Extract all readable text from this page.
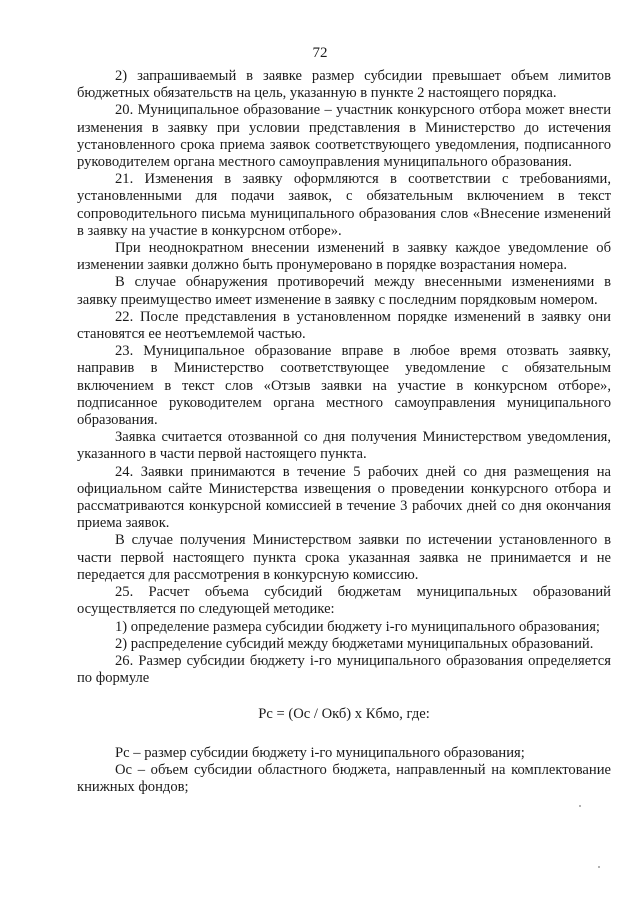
72

2) запрашиваемый в заявке размер субсидии превышает объем лимитов бюджетных обязательств на цель, указанную в пункте 2 настоящего порядка.

20. Муниципальное образование – участник конкурсного отбора может внести изменения в заявку при условии представления в Министерство до истечения установленного срока приема заявок соответствующего уведомления, подписанного руководителем органа местного самоуправления муниципального образования.

21. Изменения в заявку оформляются в соответствии с требованиями, установленными для подачи заявок, с обязательным включением в текст сопроводительного письма муниципального образования слов «Внесение изменений в заявку на участие в конкурсном отборе».

При неоднократном внесении изменений в заявку каждое уведомление об изменении заявки должно быть пронумеровано в порядке возрастания номера.

В случае обнаружения противоречий между внесенными изменениями в заявку преимущество имеет изменение в заявку с последним порядковым номером.

22. После представления в установленном порядке изменений в заявку они становятся ее неотъемлемой частью.

23. Муниципальное образование вправе в любое время отозвать заявку, направив в Министерство соответствующее уведомление с обязательным включением в текст слов «Отзыв заявки на участие в конкурсном отборе», подписанное руководителем органа местного самоуправления муниципального образования.

Заявка считается отозванной со дня получения Министерством уведомления, указанного в части первой настоящего пункта.

24. Заявки принимаются в течение 5 рабочих дней со дня размещения на официальном сайте Министерства извещения о проведении конкурсного отбора и рассматриваются конкурсной комиссией в течение 3 рабочих дней со дня окончания приема заявок.

В случае получения Министерством заявки по истечении установленного в части первой настоящего пункта срока указанная заявка не принимается и не передается для рассмотрения в конкурсную комиссию.

25. Расчет объема субсидий бюджетам муниципальных образований осуществляется по следующей методике:

1) определение размера субсидии бюджету i-го муниципального образования;

2) распределение субсидий между бюджетами муниципальных образований.

26. Размер субсидии бюджету i-го муниципального образования определяется по формуле

Рс = (Ос / Окб) х Кбмо, где:

Рс – размер субсидии бюджету i-го муниципального образования;

Ос – объем субсидии областного бюджета, направленный на комплектование книжных фондов;
